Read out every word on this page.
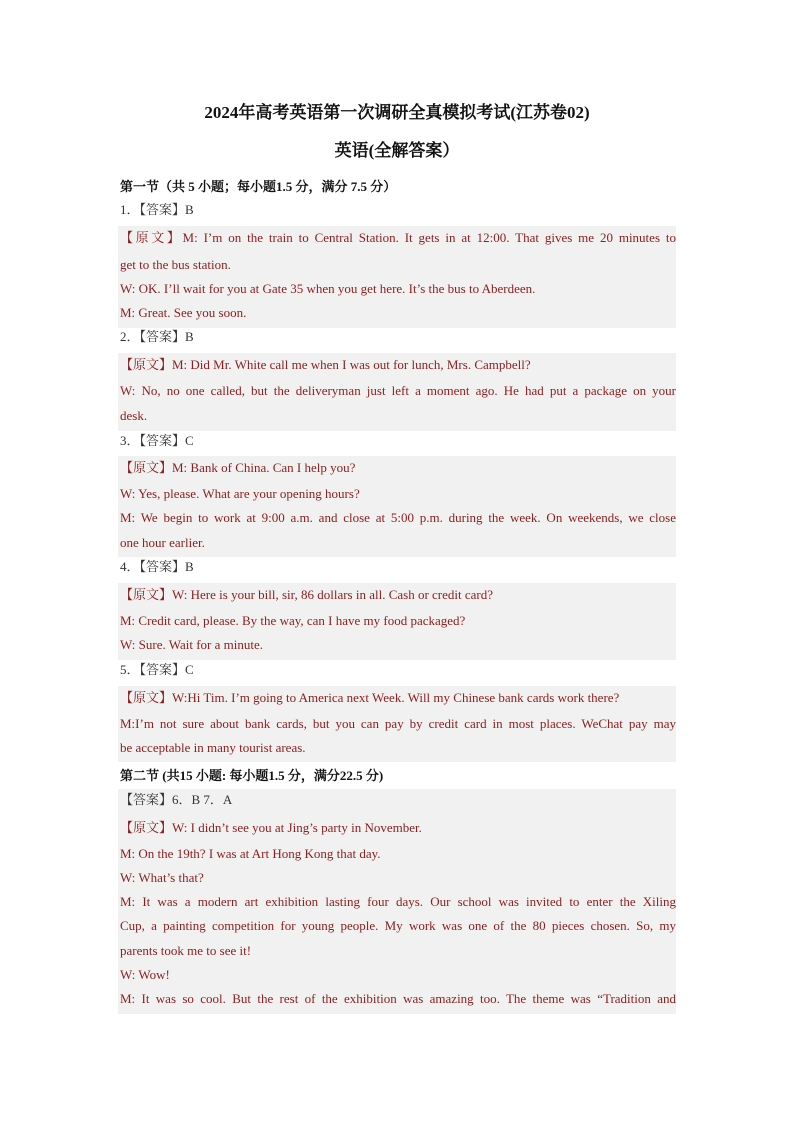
2024年高考英语第一次调研全真模拟考试(江苏卷02)
英语(全解答案）
第一节（共 5 小题；每小题1.5 分，满分 7.5 分）
1．【答案】B
【原文】M: I’m on the train to Central Station. It gets in at 12:00. That gives me 20 minutes to
get to the bus station.
W: OK. I’ll wait for you at Gate 35 when you get here. It’s the bus to Aberdeen.
M: Great. See you soon.
2．【答案】B
【原文】M: Did Mr. White call me when I was out for lunch, Mrs. Campbell?
W: No, no one called, but the deliveryman just left a moment ago. He had put a package on your
desk.
3．【答案】C
【原文】M: Bank of China. Can I help you?
W: Yes, please. What are your opening hours?
M: We begin to work at 9:00 a.m. and close at 5:00 p.m. during the week. On weekends, we close
one hour earlier.
4．【答案】B
【原文】W: Here is your bill, sir, 86 dollars in all. Cash or credit card?
M: Credit card, please. By the way, can I have my food packaged?
W: Sure. Wait for a minute.
5．【答案】C
【原文】W:Hi Tim. I’m going to America next Week. Will my Chinese bank cards work there?
M:I’m not sure about bank cards, but you can pay by credit card in most places. WeChat pay may
be acceptable in many tourist areas.
第二节 (共15 小题: 每小题1.5 分，满分22.5 分)
【答案】6．B 7．A
【原文】W: I didn’t see you at Jing’s party in November.
M: On the 19th? I was at Art Hong Kong that day.
W: What’s that?
M: It was a modern art exhibition lasting four days. Our school was invited to enter the Xiling
Cup, a painting competition for young people. My work was one of the 80 pieces chosen. So, my
parents took me to see it!
W: Wow!
M: It was so cool. But the rest of the exhibition was amazing too. The theme was “Tradition and
